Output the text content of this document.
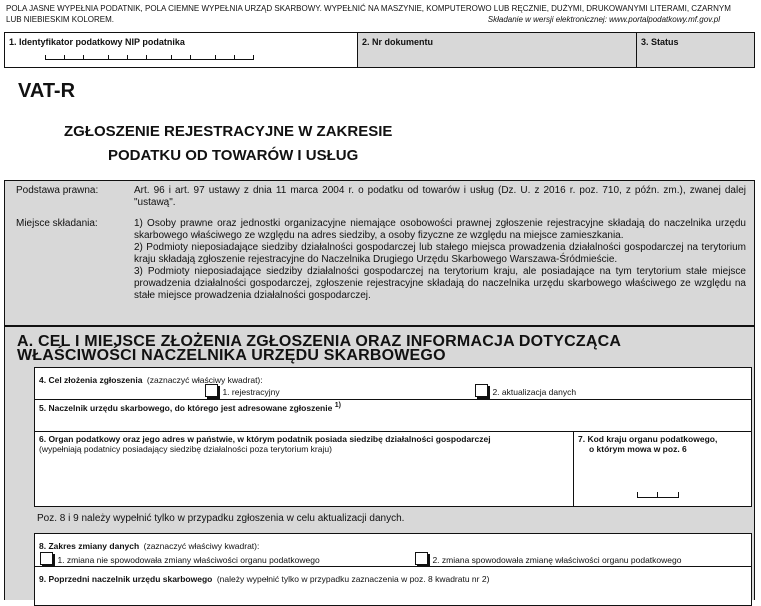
POLA JASNE WYPEŁNIA PODATNIK, POLA CIEMNE WYPEŁNIA URZĄD SKARBOWY. WYPEŁNIĆ NA MASZYNIE, KOMPUTEROWO LUB RĘCZNIE, DUŻYMI, DRUKOWANYMI LITERAMI, CZARNYM LUB NIEBIESKIM KOLOREM.	Składanie w wersji elektronicznej: www.portalpodatkowy.mf.gov.pl
1. Identyfikator podatkowy NIP podatnika	2. Nr dokumentu	3. Status
VAT-R
ZGŁOSZENIE REJESTRACYJNE W ZAKRESIE
PODATKU OD TOWARÓW I USŁUG
Podstawa prawna:	Art. 96 i art. 97 ustawy z dnia 11 marca 2004 r. o podatku od towarów i usług (Dz. U. z 2016 r. poz. 710, z późn. zm.), zwanej dalej "ustawą".
Miejsce składania:	1) Osoby prawne oraz jednostki organizacyjne niemające osobowości prawnej zgłoszenie rejestracyjne składają do naczelnika urzędu skarbowego właściwego ze względu na adres siedziby, a osoby fizyczne ze względu na miejsce zamieszkania.
2) Podmioty nieposiadające siedziby działalności gospodarczej lub stałego miejsca prowadzenia działalności gospodarczej na terytorium kraju składają zgłoszenie rejestracyjne do Naczelnika Drugiego Urzędu Skarbowego Warszawa-Śródmieście.
3) Podmioty nieposiadające siedziby działalności gospodarczej na terytorium kraju, ale posiadające na tym terytorium stałe miejsce prowadzenia działalności gospodarczej, zgłoszenie rejestracyjne składają do naczelnika urzędu skarbowego właściwego ze względu na stałe miejsce prowadzenia działalności gospodarczej.
A. CEL I MIEJSCE ZŁOŻENIA ZGŁOSZENIA ORAZ INFORMACJA DOTYCZĄCA
WŁAŚCIWOŚCI NACZELNIKA URZĘDU SKARBOWEGO
4. Cel złożenia zgłoszenia (zaznaczyć właściwy kwadrat):
1. rejestracyjny	2. aktualizacja danych
5. Naczelnik urzędu skarbowego, do którego jest adresowane zgłoszenie $^{1)}$
6. Organ podatkowy oraz jego adres w państwie, w którym podatnik posiada siedzibę działalności gospodarczej
(wypełniają podatnicy posiadający siedzibę działalności poza terytorium kraju)
7. Kod kraju organu podatkowego,
o którym mowa w poz. 6
Poz. 8 i 9 należy wypełnić tylko w przypadku zgłoszenia w celu aktualizacji danych.
8. Zakres zmiany danych (zaznaczyć właściwy kwadrat):
1. zmiana nie spowodowała zmiany właściwości organu podatkowego	2. zmiana spowodowała zmianę właściwości organu podatkowego
9. Poprzedni naczelnik urzędu skarbowego (należy wypełnić tylko w przypadku zaznaczenia w poz. 8 kwadratu nr 2)
